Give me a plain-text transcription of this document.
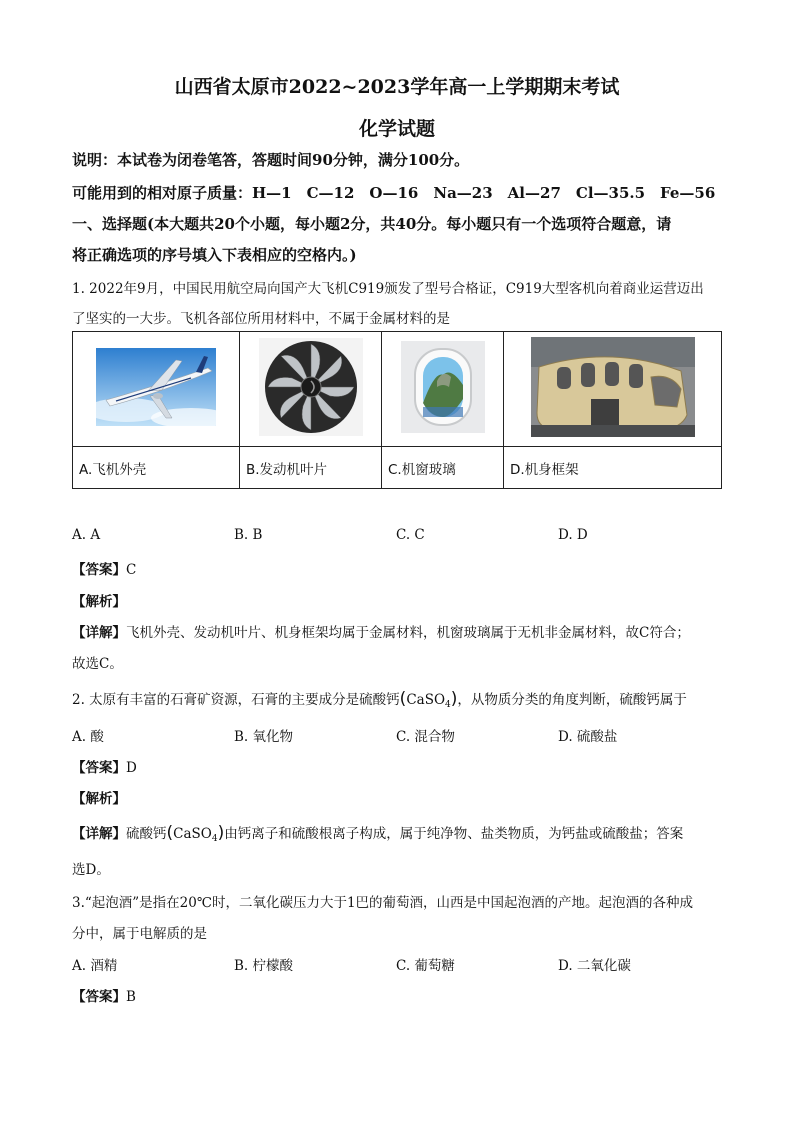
山西省太原市2022~2023学年高一上学期期末考试
化学试题
说明：本试卷为闭卷笔答，答题时间90分钟，满分100分。
可能用到的相对原子质量：H—1　C—12　O—16　Na—23　Al—27　Cl—35.5　Fe—56
一、选择题(本大题共20个小题，每小题2分，共40分。每小题只有一个选项符合题意，请
将正确选项的序号填入下表相应的空格内。)
1. 2022年9月，中国民用航空局向国产大飞机C919颁发了型号合格证，C919大型客机向着商业运营迈出
了坚实的一大步。飞机各部位所用材料中，不属于金属材料的是

A.飞机外壳	B.发动机叶片	C.机窗玻璃	D.机身框架
A. A	B. B	C. C	D. D
【答案】C
【解析】
【详解】飞机外壳、发动机叶片、机身框架均属于金属材料，机窗玻璃属于无机非金属材料，故C符合；
故选C。
2. 太原有丰富的石膏矿资源，石膏的主要成分是硫酸钙(CaSO$_4$)，从物质分类的角度判断，硫酸钙属于
A. 酸	B. 氧化物	C. 混合物	D. 硫酸盐
【答案】D
【解析】
【详解】硫酸钙(CaSO$_4$)由钙离子和硫酸根离子构成，属于纯净物、盐类物质，为钙盐或硫酸盐；答案
选D。
3.“起泡酒”是指在20℃时，二氧化碳压力大于1巴的葡萄酒，山西是中国起泡酒的产地。起泡酒的各种成
分中，属于电解质的是
A. 酒精	B. 柠檬酸	C. 葡萄糖	D. 二氧化碳
【答案】B
